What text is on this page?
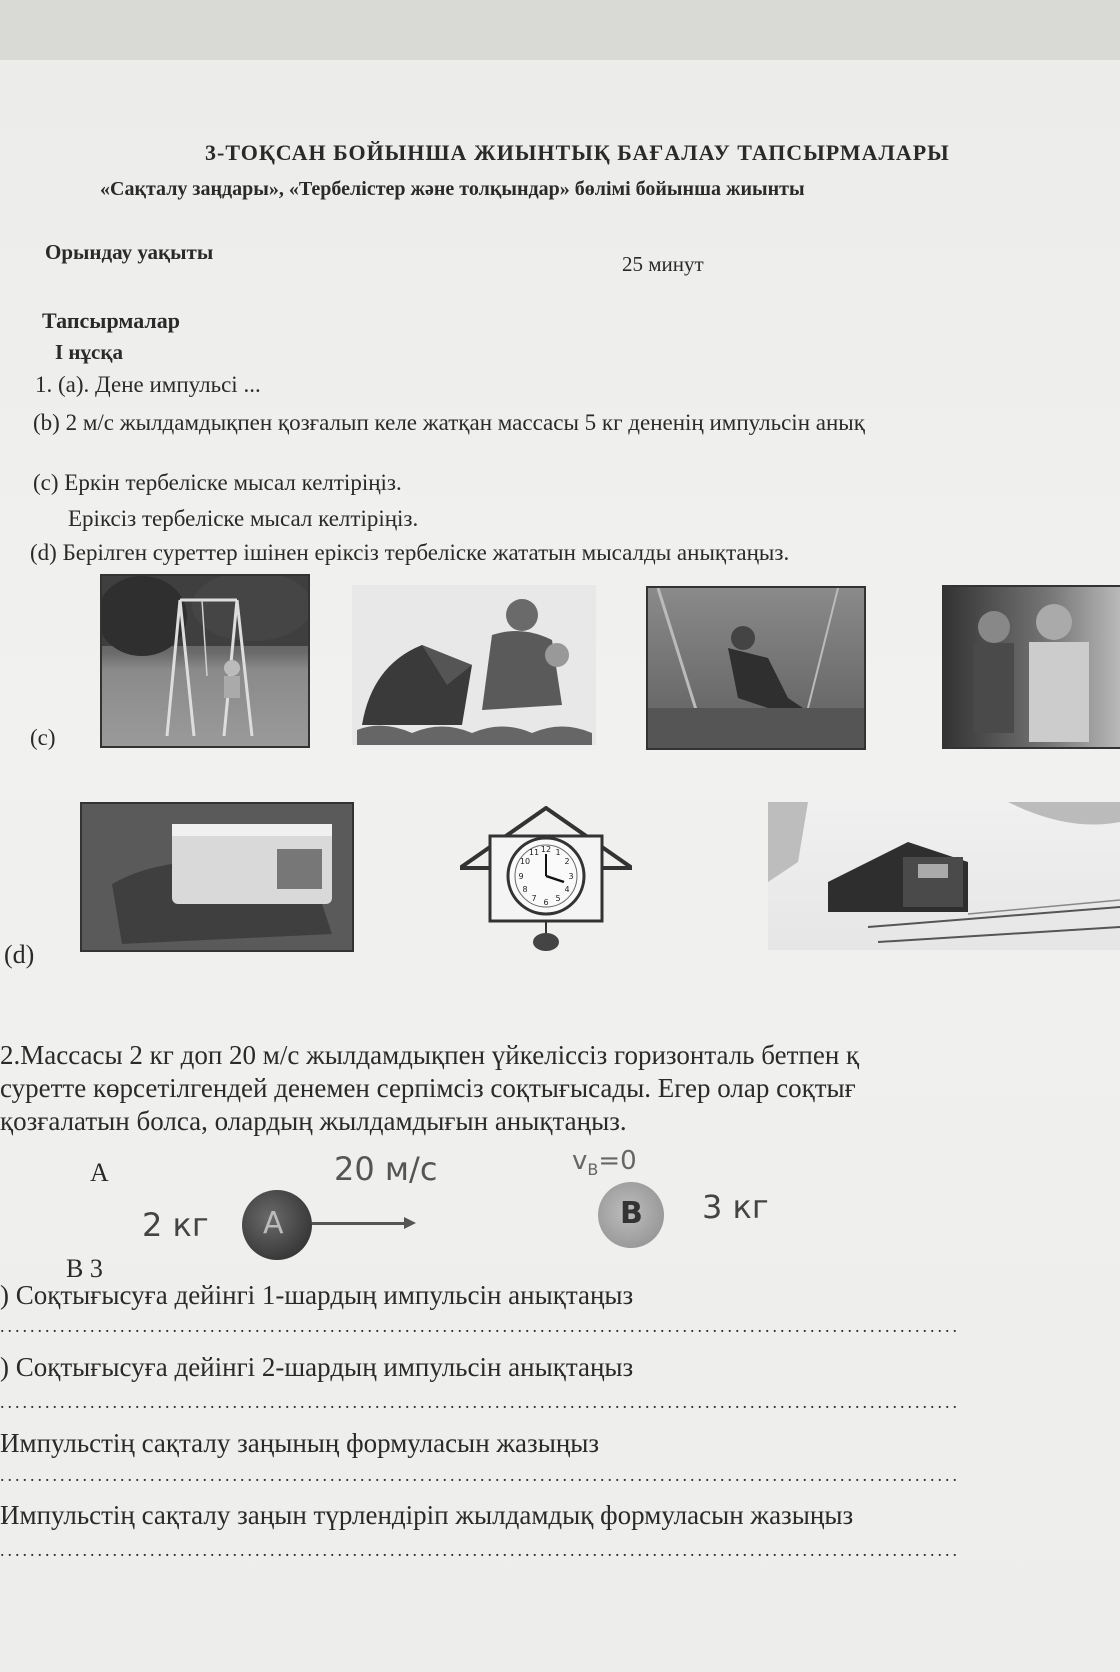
3-ТОҚСАН БОЙЫНША ЖИЫНТЫҚ БАҒАЛАУ ТАПСЫРМАЛАРЫ
«Сақталу заңдары», «Тербелістер және толқындар» бөлімі бойынша жиынты
Орындау уақыты	25 минут
Тапсырмалар
І нұсқа
1. (а). Дене импульсі ...
(b) 2 м/с жылдамдықпен қозғалып келе жатқан массасы 5 кг дененің импульсін анық
(c) Еркін тербеліске мысал келтіріңіз.
Еріксіз тербеліске мысал келтіріңіз.
(d) Берілген суреттер ішінен еріксіз тербеліске жататын мысалды анықтаңыз.
(c)
(d)
12 1
2
3
4
5
6
7
8
9
10
11
2.Массасы 2 кг доп 20 м/с жылдамдықпен үйкеліссіз горизонталь бетпен қ
суретте көрсетілгендей денемен серпімсіз соқтығысады. Егер олар соқтығ
қозғалатын болса, олардың жылдамдығын анықтаңыз.
A	20 м/с	$v_B=0$
2 кг A	B 3 кг
B 3
) Соқтығысуға дейінгі 1-шардың импульсін анықтаңыз
................................................................................................................................
) Соқтығысуға дейінгі 2-шардың импульсін анықтаңыз
................................................................................................................................
Импульстің сақталу заңының формуласын жазыңыз
................................................................................................................................
Импульстің сақталу заңын түрлендіріп жылдамдық формуласын жазыңыз
................................................................................................................................
